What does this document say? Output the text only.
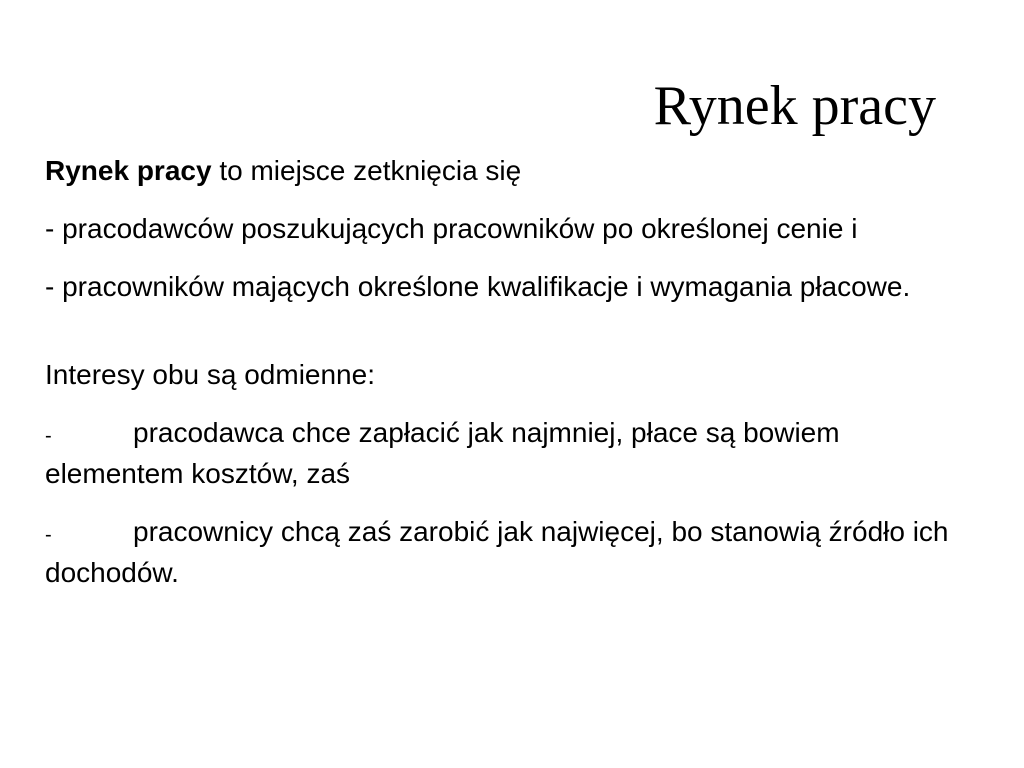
Rynek pracy

Rynek pracy to miejsce zetknięcia się

- pracodawców poszukujących pracowników po określonej cenie i

- pracowników mających określone kwalifikacje i wymagania płacowe.

Interesy obu są odmienne:

-	pracodawca chce zapłacić jak najmniej, płace są bowiem elementem kosztów, zaś

-	pracownicy chcą zaś zarobić jak najwięcej, bo stanowią źródło ich dochodów.
